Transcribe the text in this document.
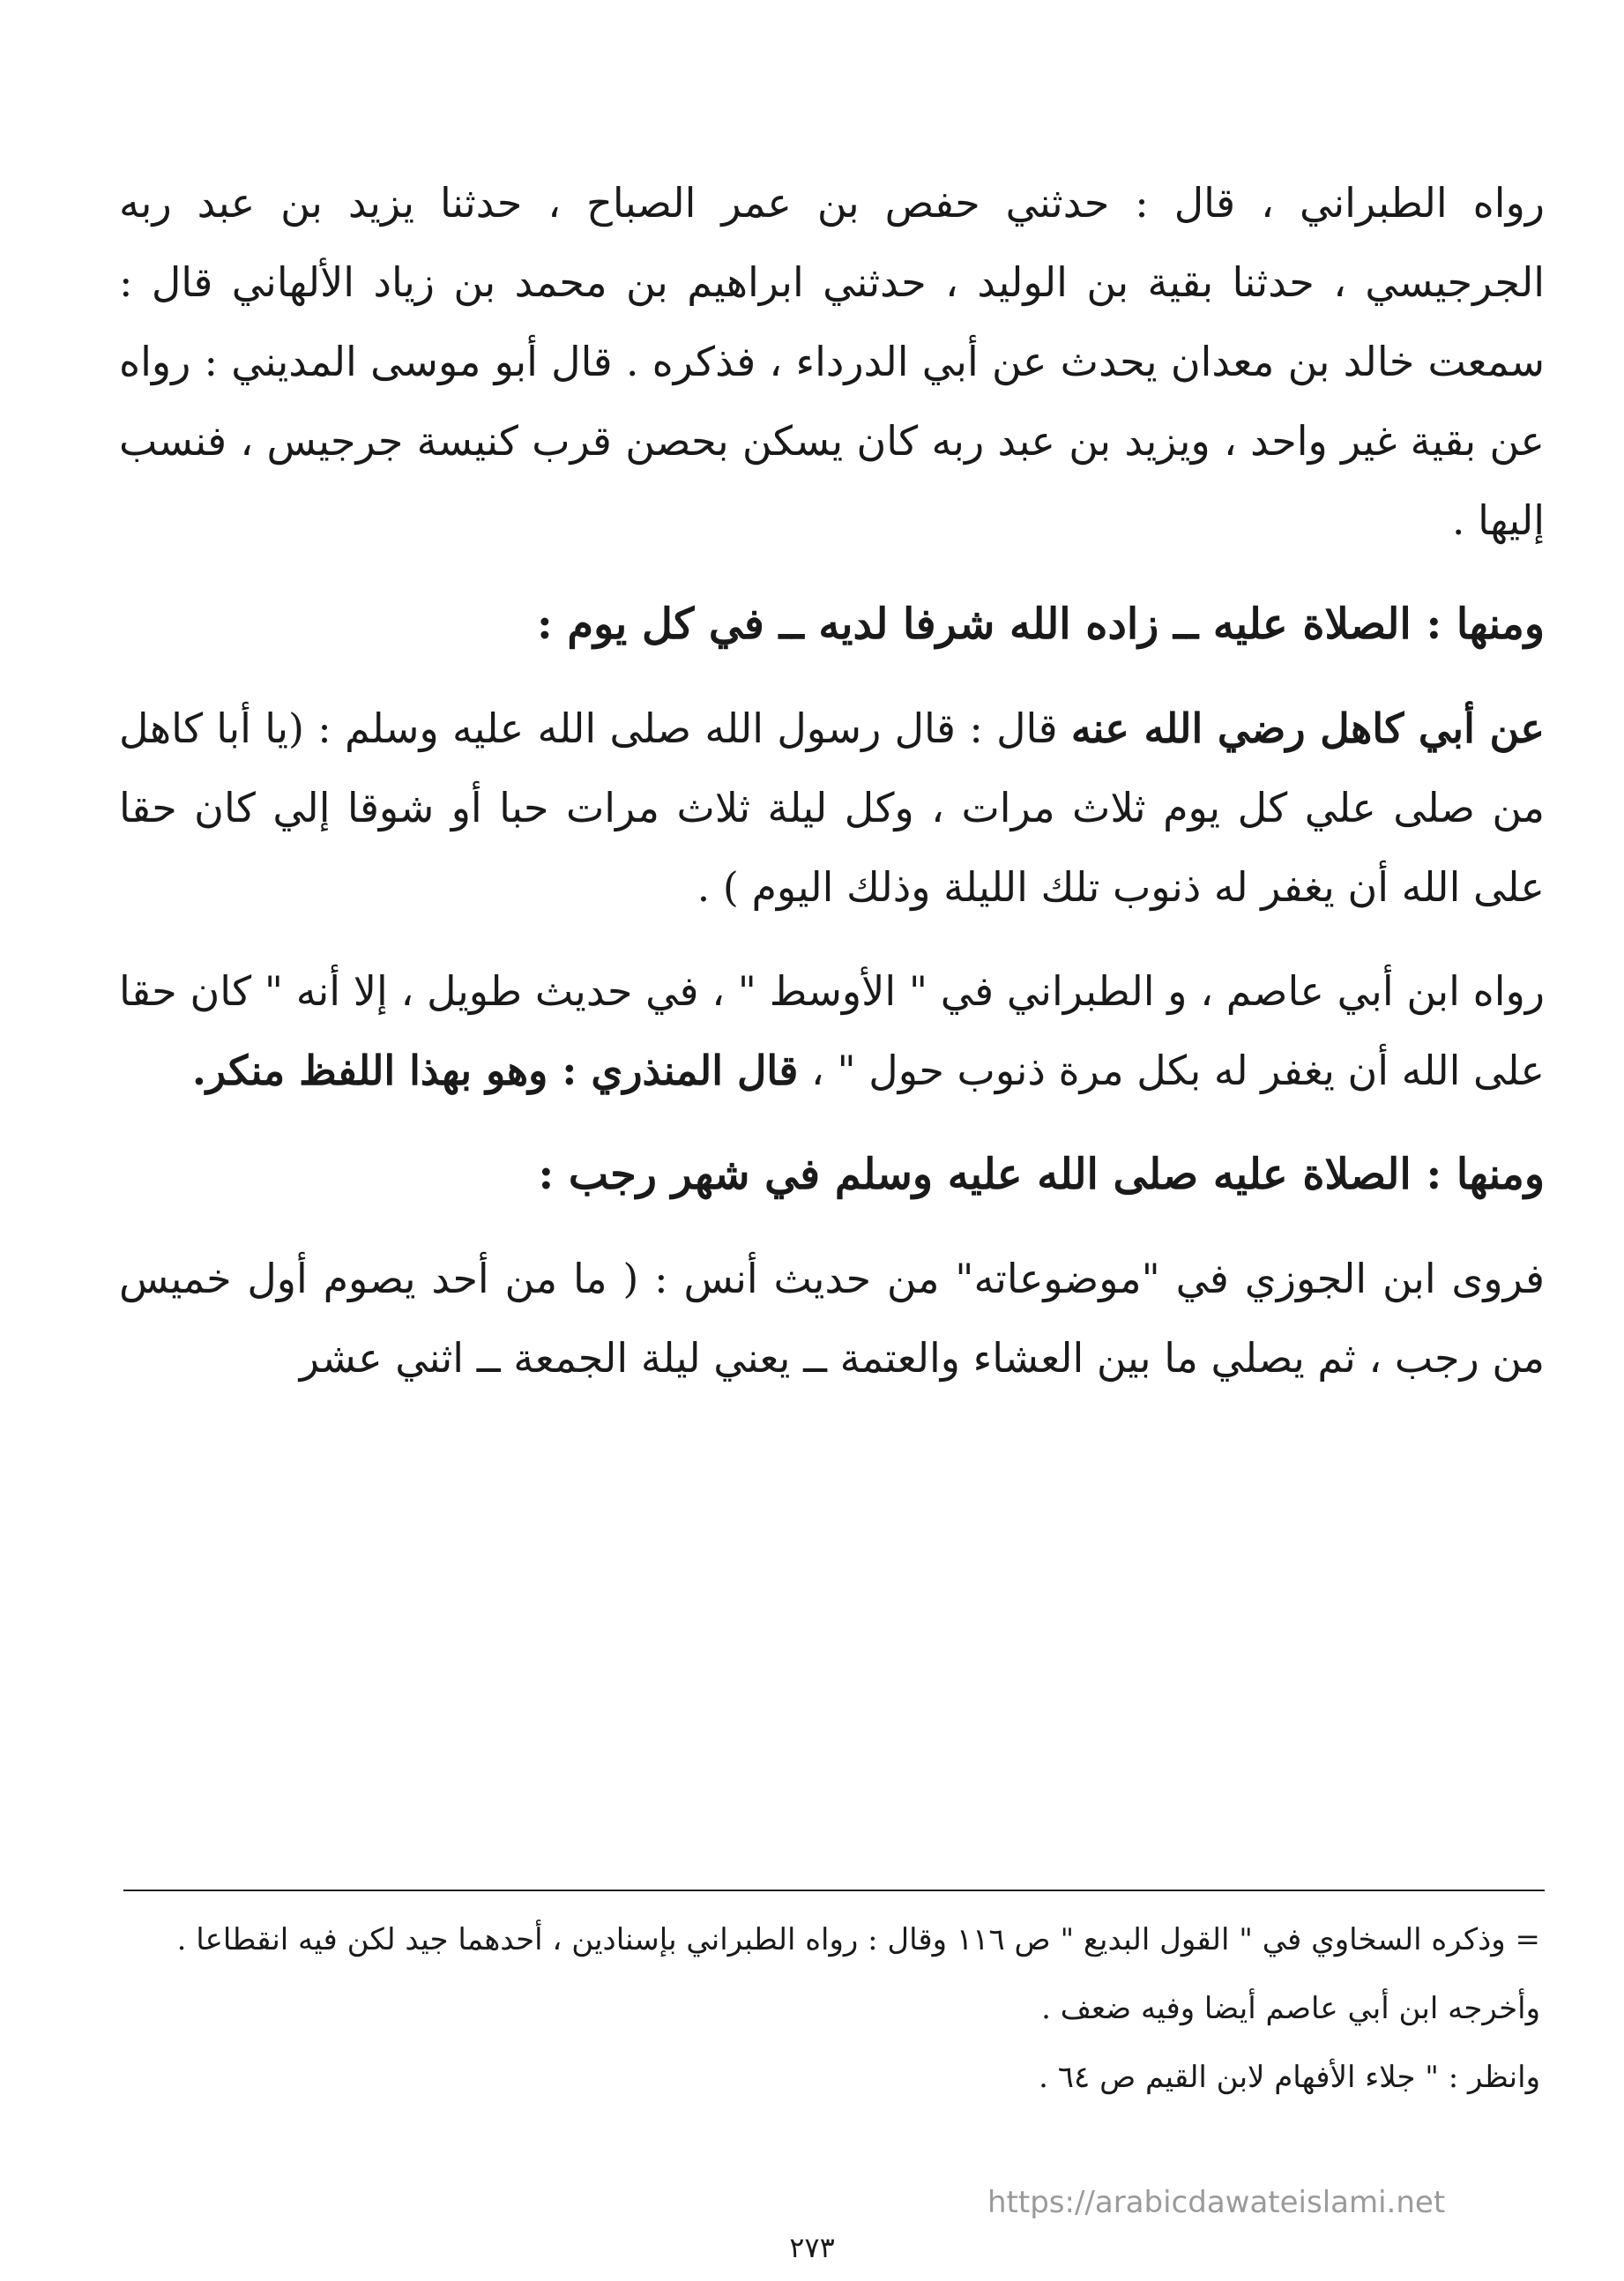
رواه الطبراني ، قال : حدثني حفص بن عمر الصباح ، حدثنا يزيد بن عبد ربه الجرجيسي ، حدثنا بقية بن الوليد ، حدثني ابراهيم بن محمد بن زياد الألهاني قال : سمعت خالد بن معدان يحدث عن أبي الدرداء ، فذكره . قال أبو موسى المديني : رواه عن بقية غير واحد ، ويزيد بن عبد ربه كان يسكن بحصن قرب كنيسة جرجيس ، فنسب إليها .

ومنها : الصلاة عليه ــ زاده الله شرفا لديه ــ في كل يوم :

عن أبي كاهل رضي الله عنه قال : قال رسول الله صلى الله عليه وسلم : (يا أبا كاهل من صلى علي كل يوم ثلاث مرات ، وكل ليلة ثلاث مرات حبا أو شوقا إلي كان حقا على الله أن يغفر له ذنوب تلك الليلة وذلك اليوم ) .

رواه ابن أبي عاصم ، و الطبراني في " الأوسط " ، في حديث طويل ، إلا أنه " كان حقا على الله أن يغفر له بكل مرة ذنوب حول " ، قال المنذري : وهو بهذا اللفظ منكر.

ومنها : الصلاة عليه صلى الله عليه وسلم في شهر رجب :

فروى ابن الجوزي في "موضوعاته" من حديث أنس : ( ما من أحد يصوم أول خميس من رجب ، ثم يصلي ما بين العشاء والعتمة ــ يعني ليلة الجمعة ــ اثني عشر

= وذكره السخاوي في " القول البديع " ص ١١٦ وقال : رواه الطبراني بإسنادين ، أحدهما جيد لكن فيه انقطاعا .

وأخرجه ابن أبي عاصم أيضا وفيه ضعف .

وانظر : " جلاء الأفهام لابن القيم ص ٦٤ .

https://arabicdawateislami.net
٢٧٣
